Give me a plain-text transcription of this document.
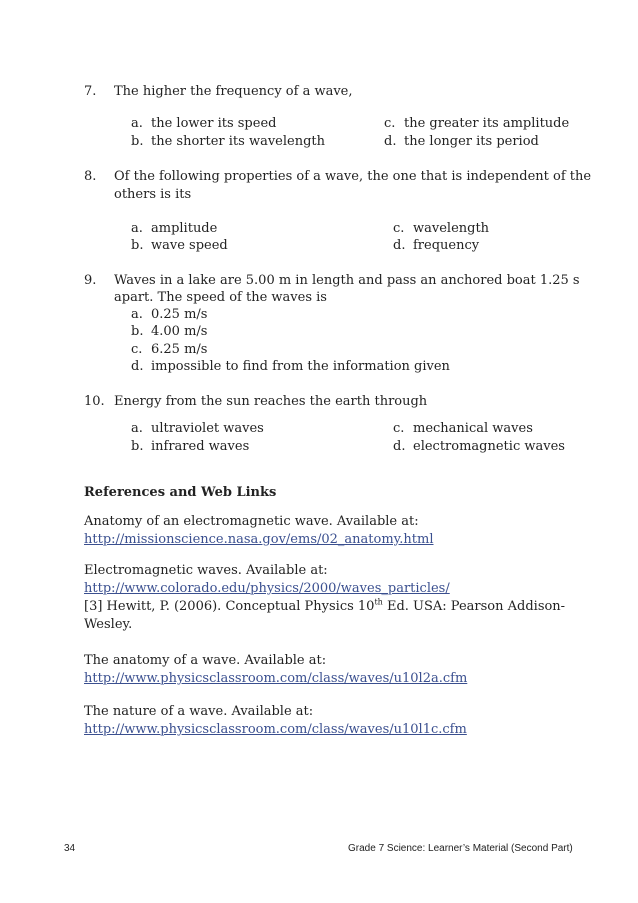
7. The higher the frequency of a wave,
a. the lower its speed
b. the shorter its wavelength
c. the greater its amplitude
d. the longer its period
8. Of the following properties of a wave, the one that is independent of the
others is its
a. amplitude
b. wave speed
c. wavelength
d. frequency
9. Waves in a lake are 5.00 m in length and pass an anchored boat 1.25 s
apart. The speed of the waves is
a. 0.25 m/s
b. 4.00 m/s
c. 6.25 m/s
d. impossible to find from the information given
10. Energy from the sun reaches the earth through
a. ultraviolet waves
b. infrared waves
c. mechanical waves
d. electromagnetic waves
References and Web Links
Anatomy of an electromagnetic wave. Available at:
http://missionscience.nasa.gov/ems/02_anatomy.html
Electromagnetic waves. Available at:
http://www.colorado.edu/physics/2000/waves_particles/
[3] Hewitt, P. (2006). Conceptual Physics 10th Ed. USA: Pearson Addison-
Wesley.
The anatomy of a wave. Available at:
http://www.physicsclassroom.com/class/waves/u10l2a.cfm
The nature of a wave. Available at:
http://www.physicsclassroom.com/class/waves/u10l1c.cfm
34	Grade 7 Science: Learner’s Material (Second Part)
